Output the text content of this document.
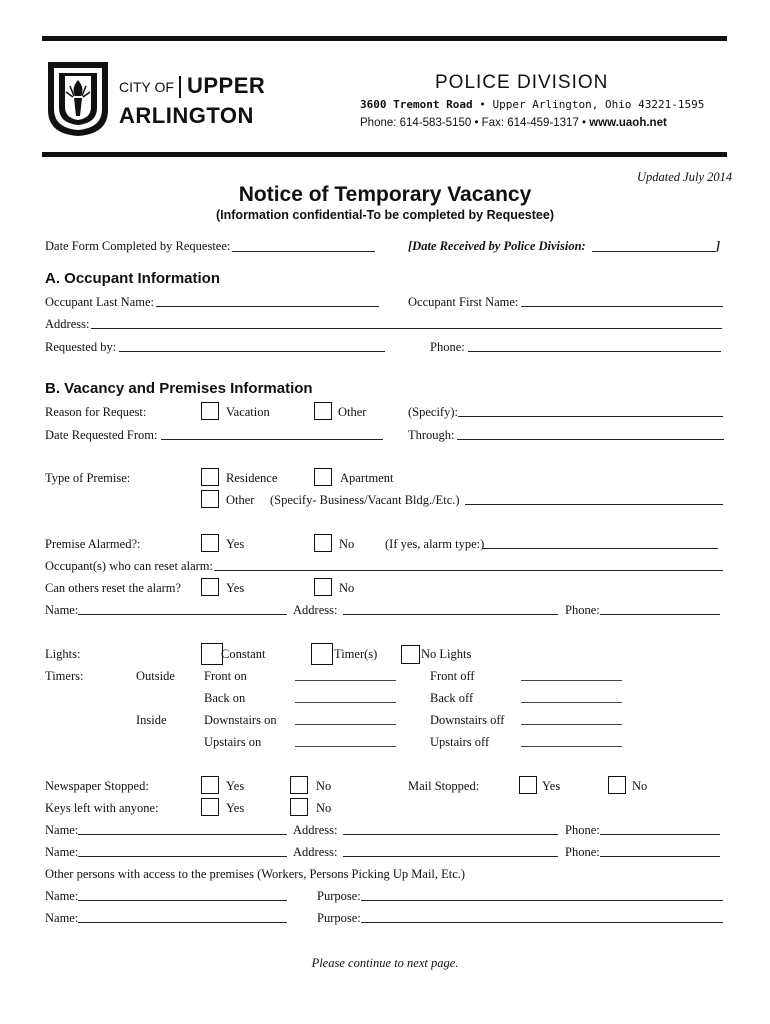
CITY OF UPPER
ARLINGTON
POLICE DIVISION
3600 Tremont Road • Upper Arlington, Ohio 43221-1595
Phone: 614-583-5150 • Fax: 614-459-1317 • www.uaoh.net
Updated July 2014
Notice of Temporary Vacancy
(Information confidential-To be completed by Requestee)
Date Form Completed by Requestee:	[Date Received by Police Division:	]
A. Occupant Information
Occupant Last Name:	Occupant First Name:
Address:
Requested by:	Phone:
B. Vacancy and Premises Information
Reason for Request:	Vacation	Other	(Specify):
Date Requested From:	Through:
Type of Premise:	Residence	Apartment
Other (Specify- Business/Vacant Bldg./Etc.)
Premise Alarmed?:	Yes	No (If yes, alarm type:)
Occupant(s) who can reset alarm:
Can others reset the alarm?	Yes	No
Name:	Address:	Phone:
Lights:	Constant	Timer(s)	No Lights
Timers:	Outside Front on	Front off
Back on	Back off
Inside	Downstairs on	Downstairs off
Upstairs on	Upstairs off
Newspaper Stopped:	Yes	No	Mail Stopped:	Yes	No
Keys left with anyone:	Yes	No
Name:	Address:	Phone:
Name:	Address:	Phone:
Other persons with access to the premises (Workers, Persons Picking Up Mail, Etc.)
Name:	Purpose:
Name:	Purpose:
Please continue to next page.
